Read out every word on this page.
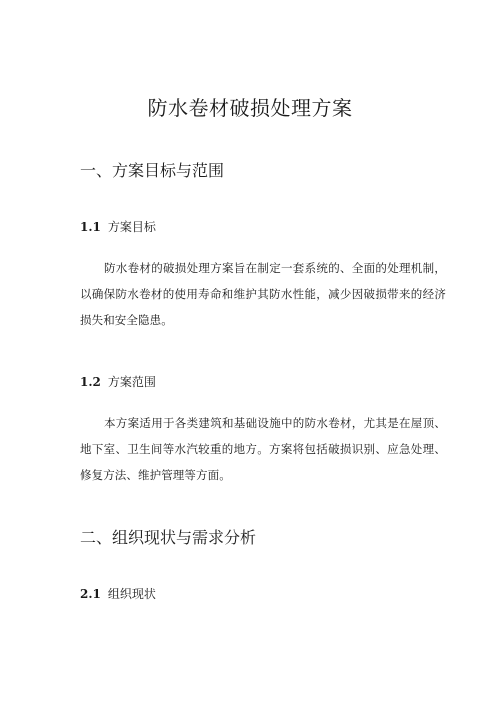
防水卷材破损处理方案
一、方案目标与范围
1.1 方案目标
防水卷材的破损处理方案旨在制定一套系统的、全面的处理机制，以确保防水卷材的使用寿命和维护其防水性能，减少因破损带来的经济损失和安全隐患。
1.2 方案范围
本方案适用于各类建筑和基础设施中的防水卷材，尤其是在屋顶、地下室、卫生间等水汽较重的地方。方案将包括破损识别、应急处理、修复方法、维护管理等方面。
二、组织现状与需求分析
2.1 组织现状
